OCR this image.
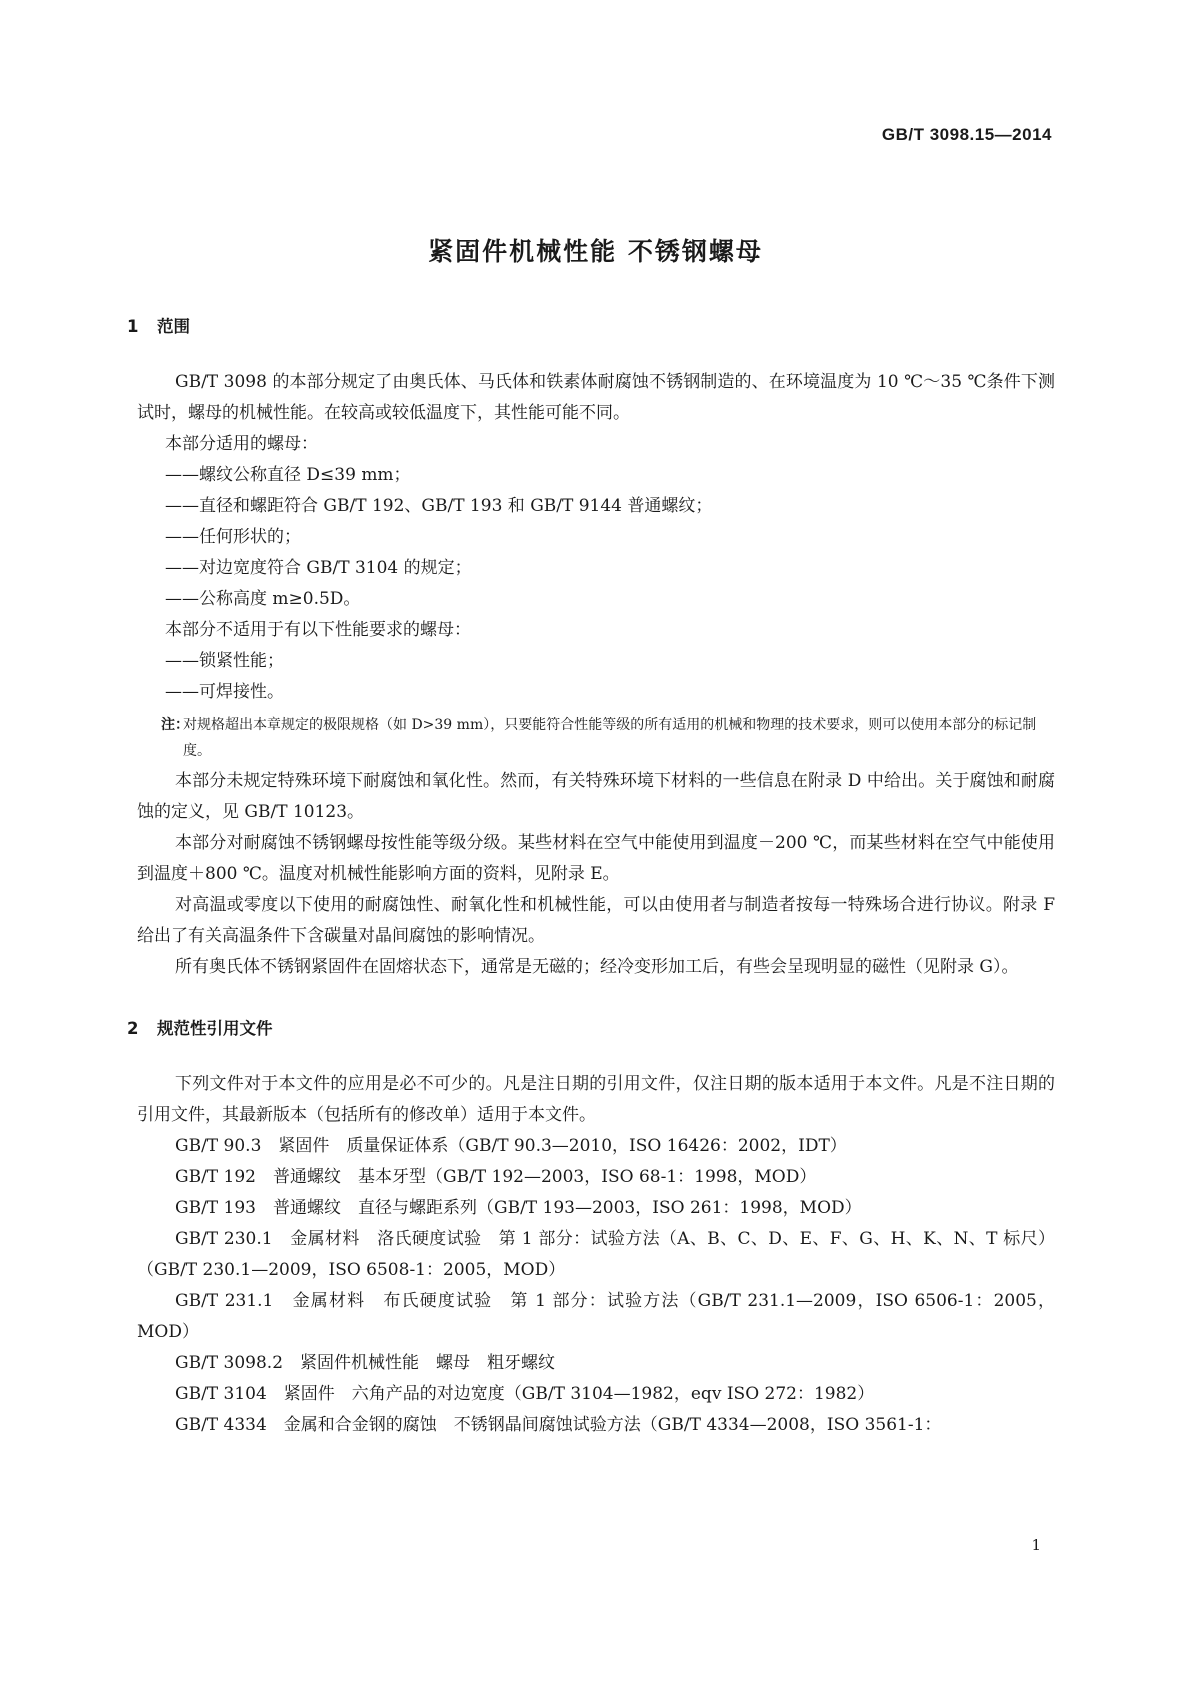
GB/T 3098.15—2014
紧固件机械性能 不锈钢螺母
1 范围

GB/T 3098 的本部分规定了由奥氏体、马氏体和铁素体耐腐蚀不锈钢制造的、在环境温度为 10 ℃～35 ℃条件下测试时，螺母的机械性能。在较高或较低温度下，其性能可能不同。

本部分适用的螺母：

——螺纹公称直径 D≤39 mm；

——直径和螺距符合 GB/T 192、GB/T 193 和 GB/T 9144 普通螺纹；

——任何形状的；

——对边宽度符合 GB/T 3104 的规定；

——公称高度 m≥0.5D。

本部分不适用于有以下性能要求的螺母：

——锁紧性能；

——可焊接性。

注：
对规格超出本章规定的极限规格（如 D>39 mm），只要能符合性能等级的所有适用的机械和物理的技术要求，则可以使用本部分的标记制度。

本部分未规定特殊环境下耐腐蚀和氧化性。然而，有关特殊环境下材料的一些信息在附录 D 中给出。关于腐蚀和耐腐蚀的定义，见 GB/T 10123。

本部分对耐腐蚀不锈钢螺母按性能等级分级。某些材料在空气中能使用到温度－200 ℃，而某些材料在空气中能使用到温度＋800 ℃。温度对机械性能影响方面的资料，见附录 E。

对高温或零度以下使用的耐腐蚀性、耐氧化性和机械性能，可以由使用者与制造者按每一特殊场合进行协议。附录 F 给出了有关高温条件下含碳量对晶间腐蚀的影响情况。

所有奥氏体不锈钢紧固件在固熔状态下，通常是无磁的；经冷变形加工后，有些会呈现明显的磁性（见附录 G）。

2 规范性引用文件

下列文件对于本文件的应用是必不可少的。凡是注日期的引用文件，仅注日期的版本适用于本文件。凡是不注日期的引用文件，其最新版本（包括所有的修改单）适用于本文件。

GB/T 90.3　紧固件　质量保证体系（GB/T 90.3—2010，ISO 16426：2002，IDT）

GB/T 192　普通螺纹　基本牙型（GB/T 192—2003，ISO 68-1：1998，MOD）

GB/T 193　普通螺纹　直径与螺距系列（GB/T 193—2003，ISO 261：1998，MOD）

GB/T 230.1　金属材料　洛氏硬度试验　第 1 部分：试验方法（A、B、C、D、E、F、G、H、K、N、T 标尺）（GB/T 230.1—2009，ISO 6508-1：2005，MOD）

GB/T 231.1　金属材料　布氏硬度试验　第 1 部分：试验方法（GB/T 231.1—2009，ISO 6506-1：2005，MOD）

GB/T 3098.2　紧固件机械性能　螺母　粗牙螺纹

GB/T 3104　紧固件　六角产品的对边宽度（GB/T 3104—1982，eqv ISO 272：1982）

GB/T 4334　金属和合金钢的腐蚀　不锈钢晶间腐蚀试验方法（GB/T 4334—2008，ISO 3561-1：

1
